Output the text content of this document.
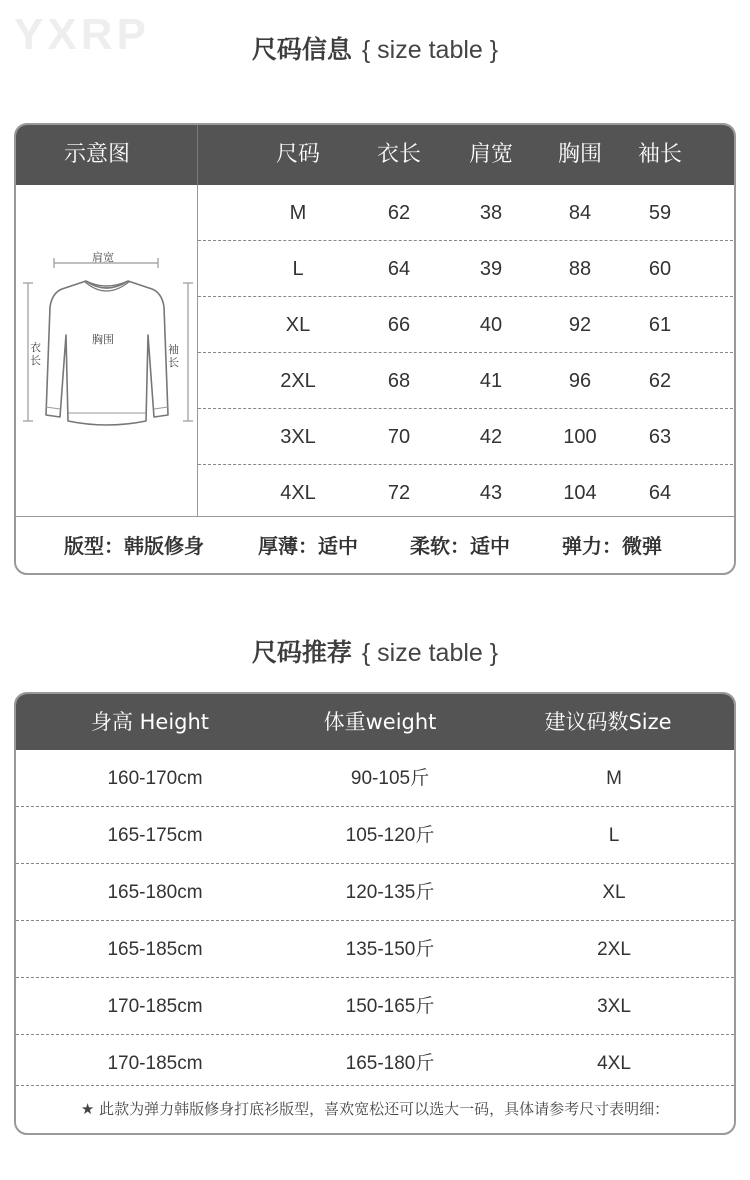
YXRP	尺码信息 { size table }
示意图	尺码	衣长 肩宽 胸围 袖长
肩宽
胸围
衣长
袖长
M	62	38	84	59
L	64	39	88	60
XL	66	40	92	61
2XL	68	41	96	62
3XL	70	42	100	63
4XL	72	43	104	64
版型：韩版修身	厚薄：适中	柔软：适中	弹力：微弹
尺码推荐 { size table }
身高 Height	体重weight	建议码数Size
160-170cm	90-105斤	M
165-175cm	105-120斤	L
165-180cm	120-135斤	XL
165-185cm	135-150斤	2XL
170-185cm	150-165斤	3XL
170-185cm	165-180斤	4XL
★ 此款为弹力韩版修身打底衫版型，喜欢宽松还可以选大一码，具体请参考尺寸表明细：
